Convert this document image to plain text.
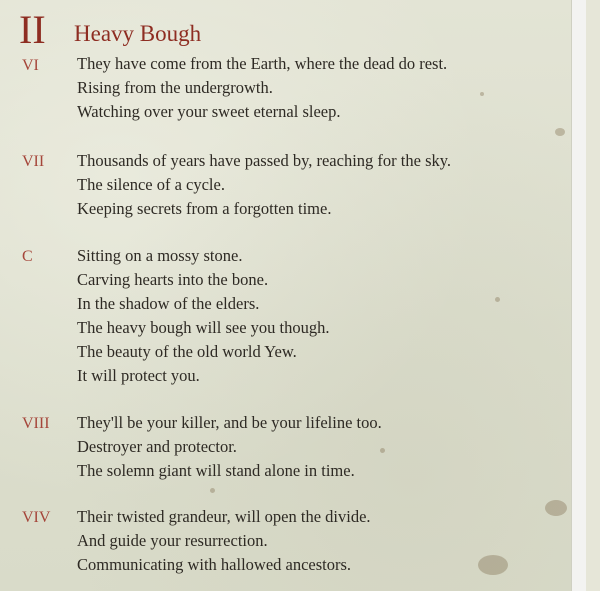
II Heavy Bough
VI They have come from the Earth, where the dead do rest.
Rising from the undergrowth.
Watching over your sweet eternal sleep.
VII Thousands of years have passed by, reaching for the sky.
The silence of a cycle.
Keeping secrets from a forgotten time.
C	Sitting on a mossy stone.
Carving hearts into the bone.
In the shadow of the elders.
The heavy bough will see you though.
The beauty of the old world Yew.
It will protect you.
VIII They'll be your killer, and be your lifeline too.
Destroyer and protector.
The solemn giant will stand alone in time.
VIV Their twisted grandeur, will open the divide.
And guide your resurrection.
Communicating with hallowed ancestors.
